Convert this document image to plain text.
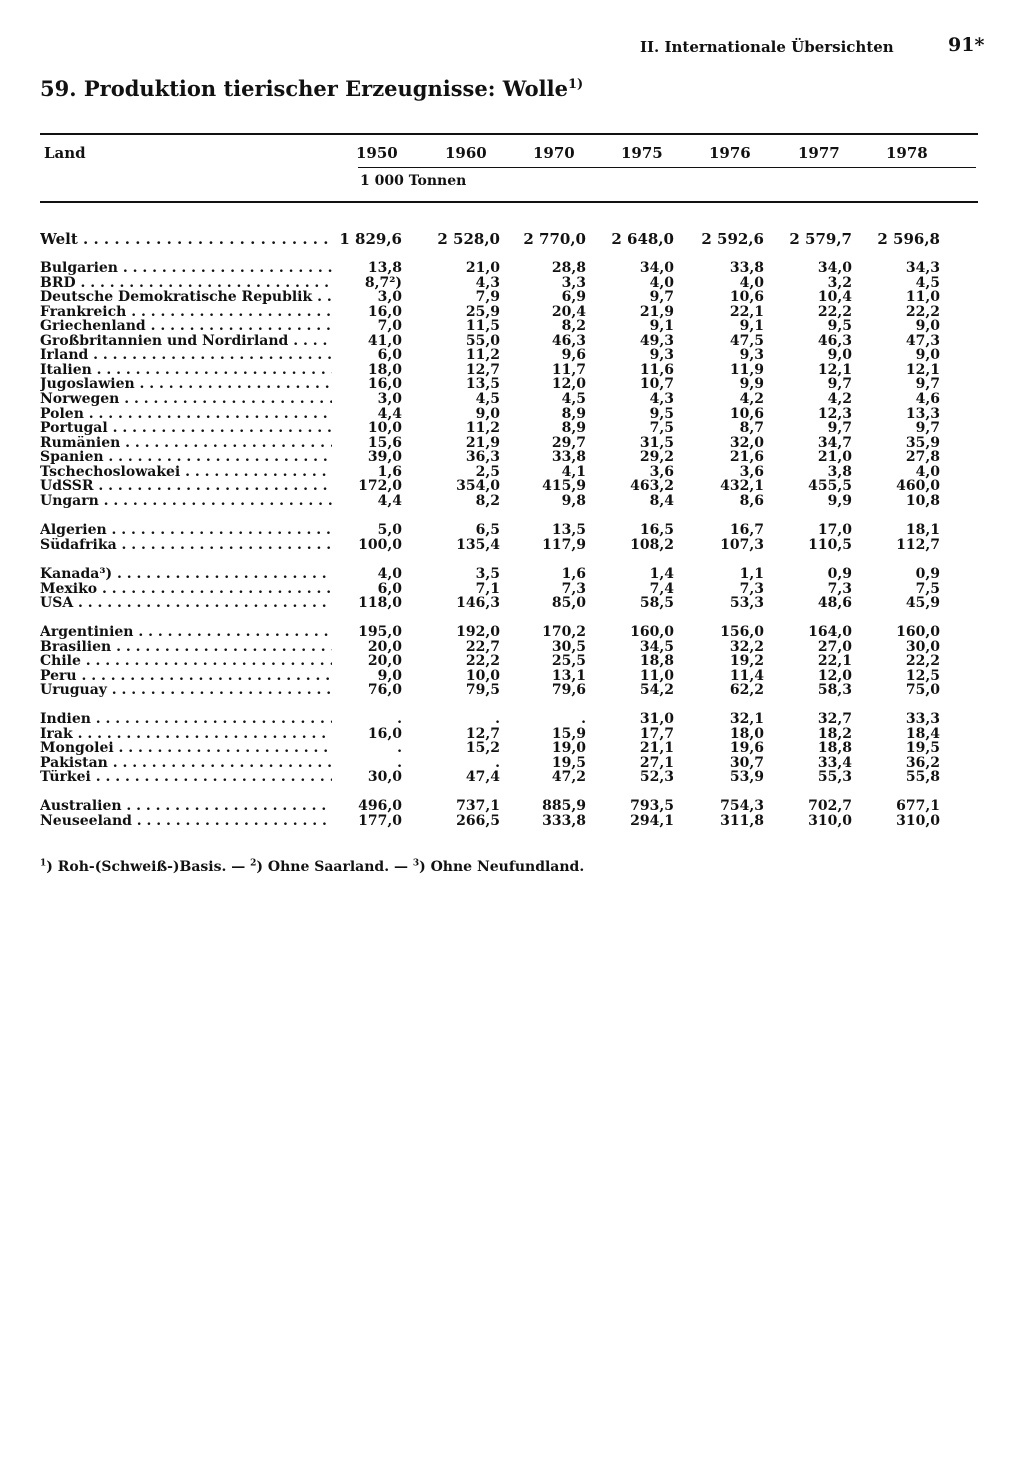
II. Internationale Übersichten	91*
59. Produktion tierischer Erzeugnisse: Wolle$^{1)}$
Land	1950	1960	1970	1975	1976	1977	1978
1 000 Tonnen
Welt . . .	1 829,6	2 528,0	2 770,0	2 648,0	2 592,6	2 579,7	2 596,8
Bulgarien . . .	13,8	21,0	28,8	34,0	33,8	34,0	34,3
BRD . . .	8,7²)	4,3	3,3	4,0	4,0	3,2	4,5
Deutsche Demokratische Republik . . .	3,0	7,9	6,9	9,7	10,6	10,4	11,0
Frankreich . . .	16,0	25,9	20,4	21,9	22,1	22,2	22,2
Griechenland . . .	7,0	11,5	8,2	9,1	9,1	9,5	9,0
Großbritannien und Nordirland . . .	41,0	55,0	46,3	49,3	47,5	46,3	47,3
Irland . . .	6,0	11,2	9,6	9,3	9,3	9,0	9,0
Italien . . .	18,0	12,7	11,7	11,6	11,9	12,1	12,1
Jugoslawien . . .	16,0	13,5	12,0	10,7	9,9	9,7	9,7
Norwegen . . .	3,0	4,5	4,5	4,3	4,2	4,2	4,6
Polen . . .	4,4	9,0	8,9	9,5	10,6	12,3	13,3
Portugal . . .	10,0	11,2	8,9	7,5	8,7	9,7	9,7
Rumänien . . .	15,6	21,9	29,7	31,5	32,0	34,7	35,9
Spanien . . .	39,0	36,3	33,8	29,2	21,6	21,0	27,8
Tschechoslowakei . . .	1,6	2,5	4,1	3,6	3,6	3,8	4,0
UdSSR . . .	172,0	354,0	415,9	463,2	432,1	455,5	460,0
Ungarn . . .	4,4	8,2	9,8	8,4	8,6	9,9	10,8
Algerien . . .	5,0	6,5	13,5	16,5	16,7	17,0	18,1
Südafrika . . .	100,0	135,4	117,9	108,2	107,3	110,5	112,7
Kanada³) . . .	4,0	3,5	1,6	1,4	1,1	0,9	0,9
Mexiko . . .	6,0	7,1	7,3	7,4	7,3	7,3	7,5
USA . . .	118,0	146,3	85,0	58,5	53,3	48,6	45,9
Argentinien . . .	195,0	192,0	170,2	160,0	156,0	164,0	160,0
Brasilien . . .	20,0	22,7	30,5	34,5	32,2	27,0	30,0
Chile . . .	20,0	22,2	25,5	18,8	19,2	22,1	22,2
Peru . . .	9,0	10,0	13,1	11,0	11,4	12,0	12,5
Uruguay . . .	76,0	79,5	79,6	54,2	62,2	58,3	75,0
Indien . . .	.	.	.	31,0	32,1	32,7	33,3
Irak . . .	16,0	12,7	15,9	17,7	18,0	18,2	18,4
Mongolei . . .	.	15,2	19,0	21,1	19,6	18,8	19,5
Pakistan . . .	.	.	19,5	27,1	30,7	33,4	36,2
Türkei . . .	30,0	47,4	47,2	52,3	53,9	55,3	55,8
Australien . . .	496,0	737,1	885,9	793,5	754,3	702,7	677,1
Neuseeland . . .	177,0	266,5	333,8	294,1	311,8	310,0	310,0
$^1$) Roh-(Schweiß-)Basis. — $^2$) Ohne Saarland. — $^3$) Ohne Neufundland.
